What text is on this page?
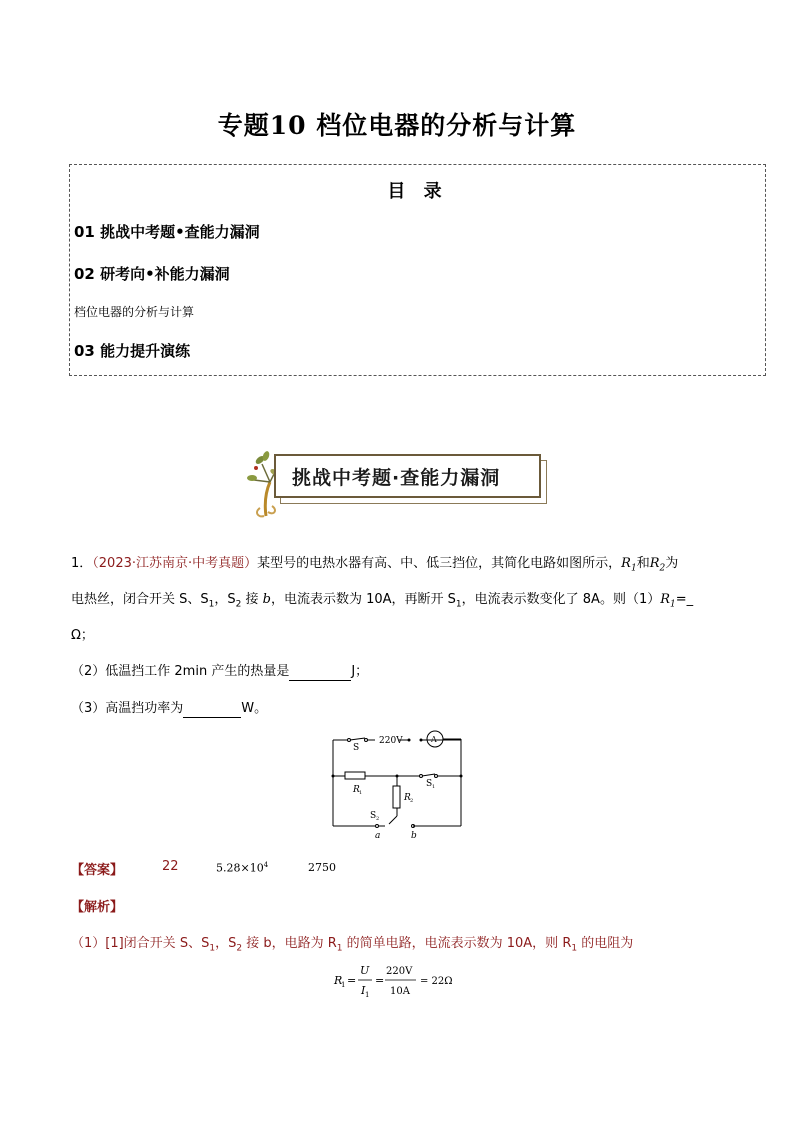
专题10 档位电器的分析与计算
目 录
01 挑战中考题•查能力漏洞
02 研考向•补能力漏洞
档位电器的分析与计算
03 能力提升演练
挑战中考题·查能力漏洞
1．（2023·江苏南京·中考真题）某型号的电热水器有高、中、低三挡位，其简化电路如图所示，$R_1$和$R_2$为
电热丝，闭合开关 S、$S_1$，$S_2$ 接 b，电流表示数为 10A，再断开 $S_1$，电流表示数变化了 8A。则$(1)R_1=\_$
Ω；
（2）低温挡工作 2min 产生的热量是	J；
（3）高温挡功率为	W。
S
220V	A
R 1
S 1
R 2
S 2
a	b
【答案】	22	$5.28\times 10^4$	2750
【解析】
（1）[1]闭合开关 S、$S_1$，$S_2$ 接 b，电路为 $R_1$ 的简单电路，电流表示数为 10A，则 $R_1$ 的电阻为
R
1 =
U
I 1
=
220V
10A
= 22Ω
